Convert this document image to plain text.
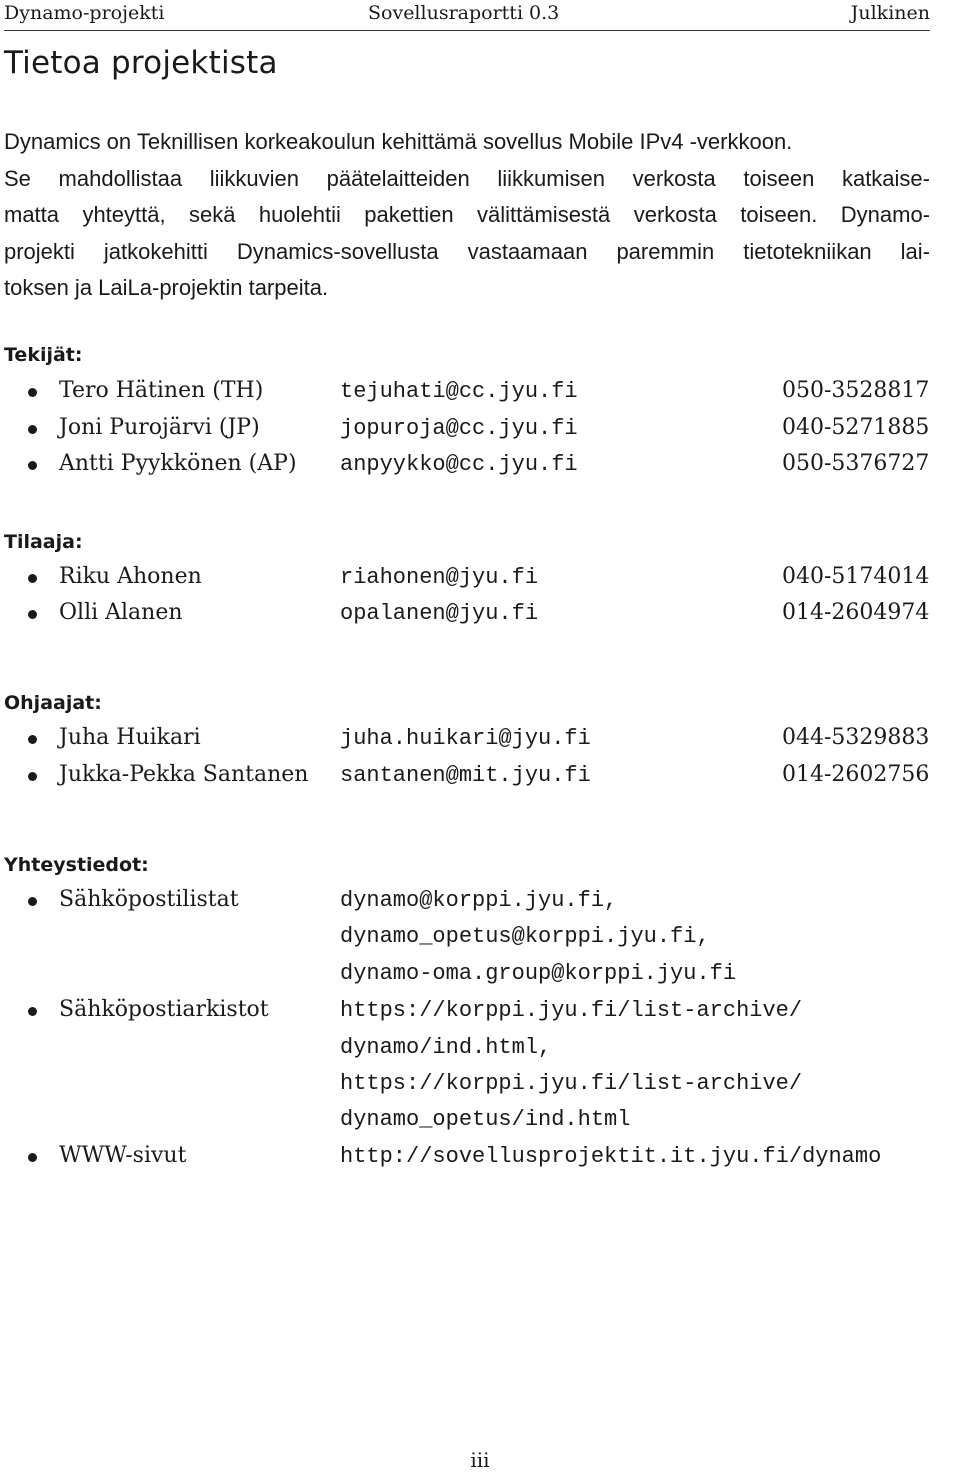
Dynamo-projekti	Sovellusraportti 0.3	Julkinen
Tietoa projektista
Dynamics on Teknillisen korkeakoulun kehittämä sovellus Mobile IPv4 -verkkoon.
Se mahdollistaa liikkuvien päätelaitteiden liikkumisen verkosta toiseen katkaise-
matta yhteyttä, sekä huolehtii pakettien välittämisestä verkosta toiseen. Dynamo-
projekti jatkokehitti Dynamics-sovellusta vastaamaan paremmin tietotekniikan lai-
toksen ja LaiLa-projektin tarpeita.
Tekijät:
Tero Hätinen (TH)	tejuhati@cc.jyu.fi	050-3528817
Joni Purojärvi (JP)	jopuroja@cc.jyu.fi	040-5271885
Antti Pyykkönen (AP) anpyykko@cc.jyu.fi	050-5376727
Tilaaja:
Riku Ahonen	riahonen@jyu.fi	040-5174014
Olli Alanen	opalanen@jyu.fi	014-2604974
Ohjaajat:
Juha Huikari	juha.huikari@jyu.fi	044-5329883
Jukka-Pekka Santanen santanen@mit.jyu.fi	014-2602756
Yhteystiedot:
Sähköpostilistat	dynamo@korppi.jyu.fi,
dynamo_opetus@korppi.jyu.fi,
dynamo-oma.group@korppi.jyu.fi
Sähköpostiarkistot	https://korppi.jyu.fi/list-archive/
dynamo/ind.html,
https://korppi.jyu.fi/list-archive/
dynamo_opetus/ind.html
WWW-sivut	http://sovellusprojektit.it.jyu.fi/dynamo
iii
